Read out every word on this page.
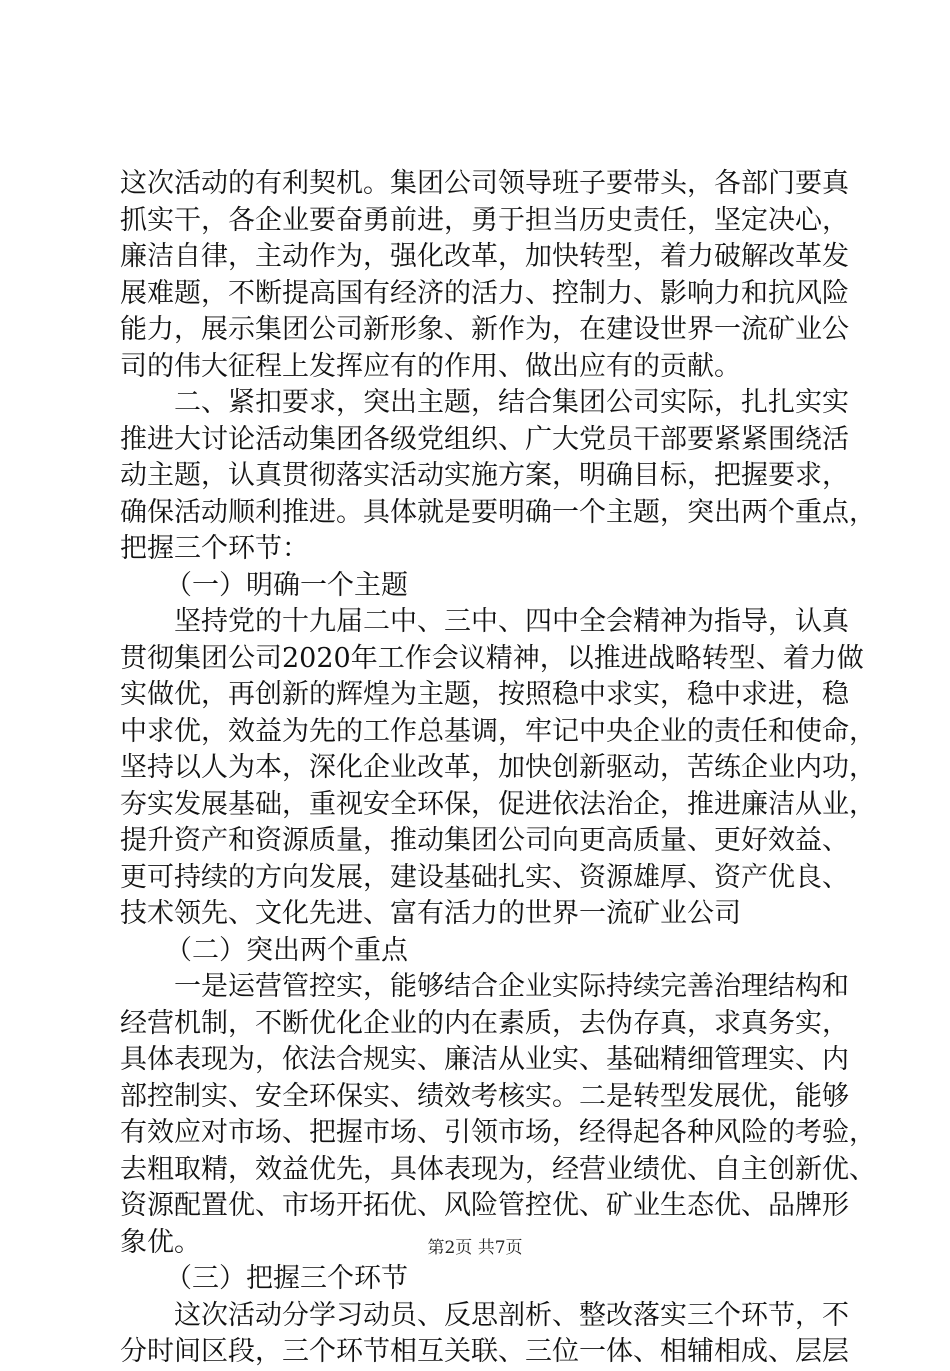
这次活动的有利契机。集团公司领导班子要带头，各部门要真
抓实干，各企业要奋勇前进，勇于担当历史责任，坚定决心，
廉洁自律，主动作为，强化改革，加快转型，着力破解改革发
展难题，不断提高国有经济的活力、控制力、影响力和抗风险
能力，展示集团公司新形象、新作为，在建设世界一流矿业公
司的伟大征程上发挥应有的作用、做出应有的贡献。
二、紧扣要求，突出主题，结合集团公司实际，扎扎实实
推进大讨论活动集团各级党组织、广大党员干部要紧紧围绕活
动主题，认真贯彻落实活动实施方案，明确目标，把握要求，
确保活动顺利推进。具体就是要明确一个主题，突出两个重点，
把握三个环节：
（一）明确一个主题
坚持党的十九届二中、三中、四中全会精神为指导，认真
贯彻集团公司2020年工作会议精神，以推进战略转型、着力做
实做优，再创新的辉煌为主题，按照稳中求实，稳中求进，稳
中求优，效益为先的工作总基调，牢记中央企业的责任和使命，
坚持以人为本，深化企业改革，加快创新驱动，苦练企业内功，
夯实发展基础，重视安全环保，促进依法治企，推进廉洁从业，
提升资产和资源质量，推动集团公司向更高质量、更好效益、
更可持续的方向发展，建设基础扎实、资源雄厚、资产优良、
技术领先、文化先进、富有活力的世界一流矿业公司
（二）突出两个重点
一是运营管控实，能够结合企业实际持续完善治理结构和
经营机制，不断优化企业的内在素质，去伪存真，求真务实，
具体表现为，依法合规实、廉洁从业实、基础精细管理实、内
部控制实、安全环保实、绩效考核实。二是转型发展优，能够
有效应对市场、把握市场、引领市场，经得起各种风险的考验，
去粗取精，效益优先，具体表现为，经营业绩优、自主创新优、
资源配置优、市场开拓优、风险管控优、矿业生态优、品牌形
象优。
（三）把握三个环节
这次活动分学习动员、反思剖析、整改落实三个环节，不
分时间区段，三个环节相互关联、三位一体、相辅相成、层层
第2页 共7页
